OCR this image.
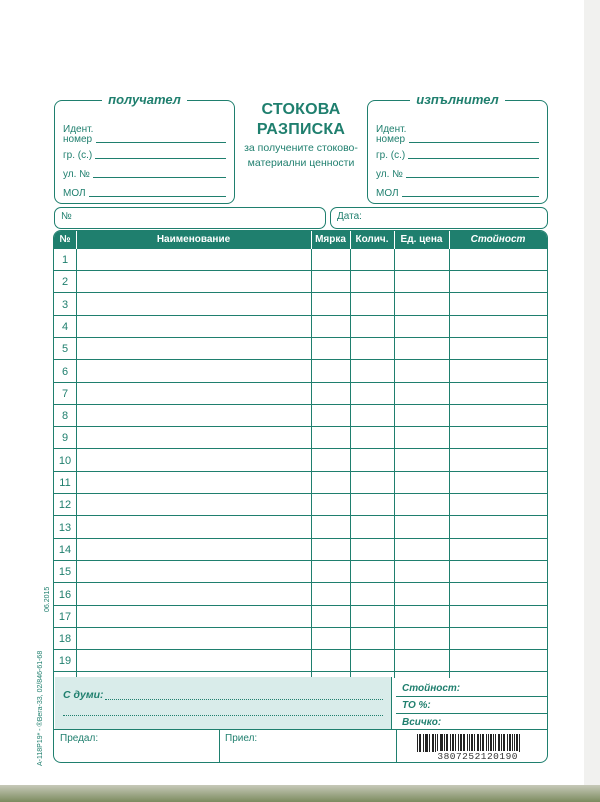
получател
Идент.
номер
гр. (с.)
ул. №
МОЛ
СТОКОВА
РАЗПИСКА
за получените стоково-
материални ценности
изпълнител
Идент.
номер
гр. (с.)
ул. №
МОЛ
№	Дата:
№	Наименование	Мярка Колич.	Ед. цена	Стойност
1
2
3
4
5
6
7
8
9
10
11
12
13
14
15
16
17
18
19
С думи:
Стойност:
ТО %:
Всичко:
Предал:	Приел:
3807252120190
А-118Р19* - ®Вега-33, 02/846-61-68
06.2015
